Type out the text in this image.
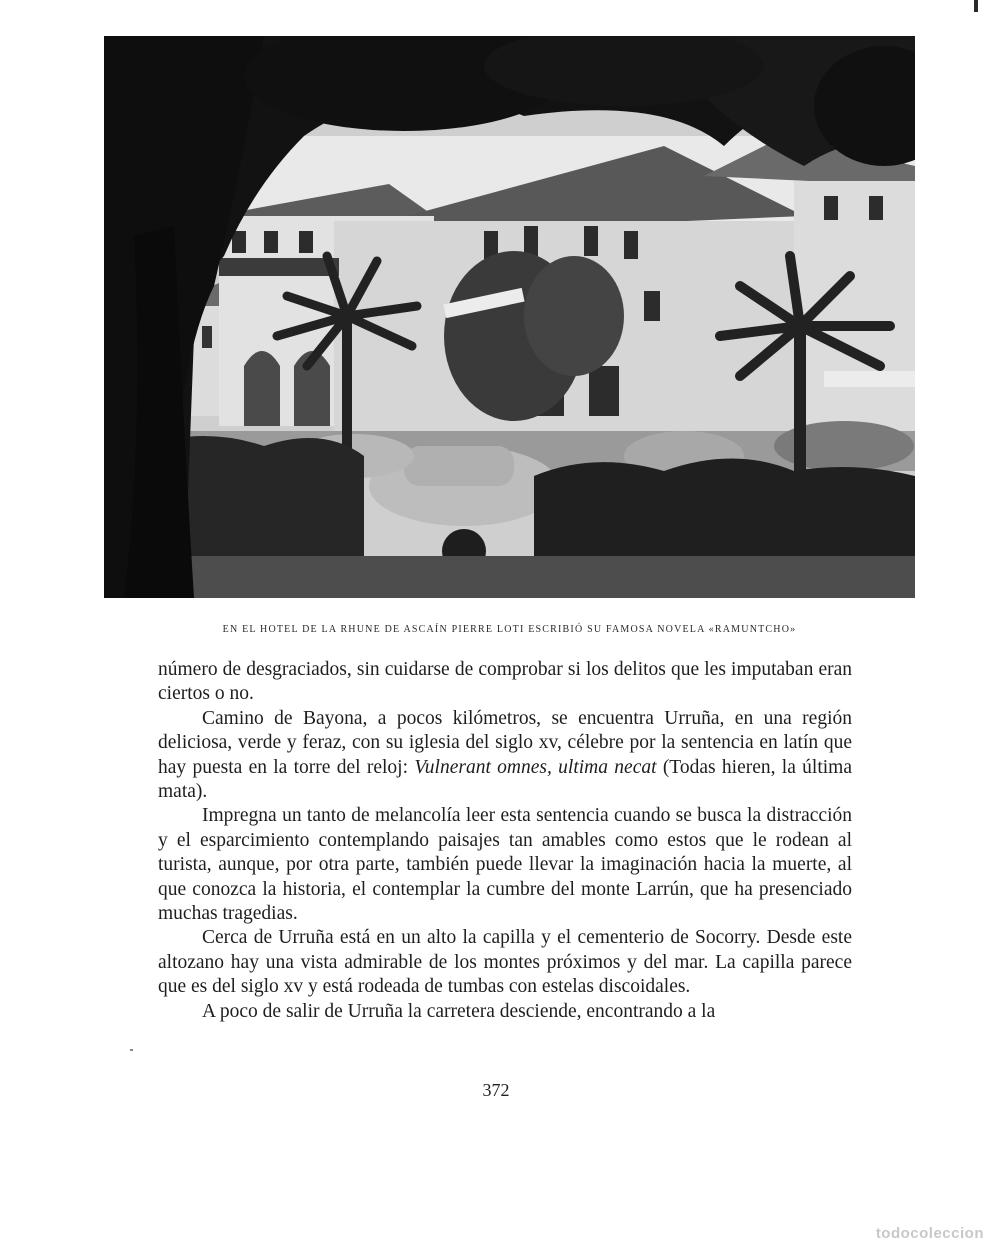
EN EL HOTEL DE LA RHUNE DE ASCAÍN PIERRE LOTI ESCRIBIÓ SU FAMOSA NOVELA «RAMUNTCHO»

número de desgraciados, sin cuidarse de comprobar si los delitos que les imputaban eran ciertos o no.

Camino de Bayona, a pocos kilómetros, se encuentra Urruña, en una región deliciosa, verde y feraz, con su iglesia del siglo xv, célebre por la sentencia en latín que hay puesta en la torre del reloj: Vulnerant omnes, ultima necat (Todas hieren, la última mata).

Impregna un tanto de melancolía leer esta sentencia cuando se busca la distracción y el esparcimiento contemplando paisajes tan amables como estos que le rodean al turista, aunque, por otra parte, también puede llevar la imaginación hacia la muerte, al que conozca la historia, el contemplar la cumbre del monte Larrún, que ha presenciado muchas tragedias.

Cerca de Urruña está en un alto la capilla y el cementerio de Socorry. Desde este altozano hay una vista admirable de los montes próximos y del mar. La capilla parece que es del siglo xv y está rodeada de tumbas con estelas discoidales.

A poco de salir de Urruña la carretera desciende, encontrando a la

372

todocoleccion
